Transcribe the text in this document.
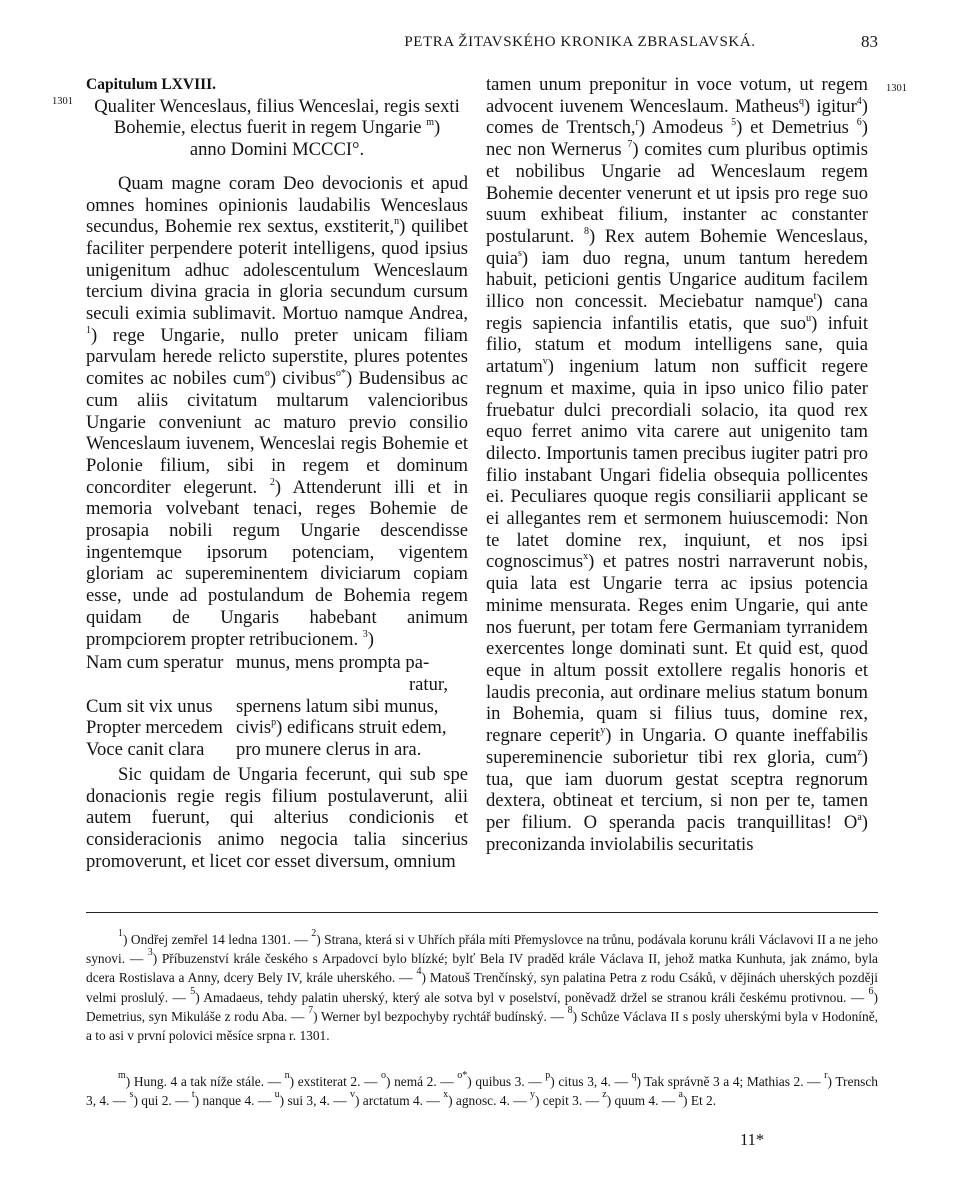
PETRA ŽITAVSKÉHO KRONIKA ZBRASLAVSKÁ.	83
1301
1301

Capitulum LXVIII.

Qualiter Wenceslaus, filius Wenceslai, regis sexti

Bohemie, electus fuerit in regem Ungarie $^m$)

anno Domini MCCCI°.

Quam magne coram Deo devocionis et apud omnes homines opinionis laudabilis Wenceslaus secundus, Bohemie rex sextus, exstiterit,$^n$) quilibet faciliter perpendere poterit intelligens, quod ipsius unigenitum adhuc adolescentulum Wenceslaum tercium divina gracia in gloria secundum cursum seculi eximia sublimavit. Mortuo namque Andrea, $^1$) rege Ungarie, nullo preter unicam filiam parvulam herede relicto superstite, plures potentes comites ac nobiles cum$^o$) civibus$^{o*}$) Budensibus ac cum aliis civitatum multarum valencioribus Ungarie conveniunt ac maturo previo consilio Wenceslaum iuvenem, Wenceslai regis Bohemie et Polonie filium, sibi in regem et dominum concorditer elegerunt. $^2$) Attenderunt illi et in memoria volvebant tenaci, reges Bohemie de prosapia nobili regum Ungarie descendisse ingentemque ipsorum potenciam, vigentem gloriam ac supereminentem diviciarum copiam esse, unde ad postulandum de Bohemia regem quidam de Ungaris habebant animum prompciorem propter retribucionem. $^3$)

Nam cum speratur munus, mens prompta pa-

ratur,

Cum sit vix unus spernens latum sibi munus,

Propter mercedem civis$^p$) edificans struit edem,

Voce canit clara pro munere clerus in ara.

Sic quidam de Ungaria fecerunt, qui sub spe donacionis regie regis filium postulaverunt, alii autem fuerunt, qui alterius condicionis et consideracionis animo negocia talia sincerius promoverunt, et licet cor esset diversum, omnium

tamen unum preponitur in voce votum, ut regem advocent iuvenem Wenceslaum. Matheus$^q$) igitur$^4$) comes de Trentsch,$^r$) Amodeus $^5$) et Demetrius $^6$) nec non Wernerus $^7$) comites cum pluribus optimis et nobilibus Ungarie ad Wenceslaum regem Bohemie decenter venerunt et ut ipsis pro rege suo suum exhibeat filium, instanter ac constanter postularunt. $^8$) Rex autem Bohemie Wenceslaus, quia$^s$) iam duo regna, unum tantum heredem habuit, peticioni gentis Ungarice auditum facilem illico non concessit. Meciebatur namque$^t$) cana regis sapiencia infantilis etatis, que suo$^u$) infuit filio, statum et modum intelligens sane, quia artatum$^v$) ingenium latum non sufficit regere regnum et maxime, quia in ipso unico filio pater fruebatur dulci precordiali solacio, ita quod rex equo ferret animo vita carere aut unigenito tam dilecto. Importunis tamen precibus iugiter patri pro filio instabant Ungari fidelia obsequia pollicentes ei. Peculiares quoque regis consiliarii applicant se ei allegantes rem et sermonem huiuscemodi: Non te latet domine rex, inquiunt, et nos ipsi cognoscimus$^x$) et patres nostri narraverunt nobis, quia lata est Ungarie terra ac ipsius potencia minime mensurata. Reges enim Ungarie, qui ante nos fuerunt, per totam fere Germaniam tyrranidem exercentes longe dominati sunt. Et quid est, quod eque in altum possit extollere regalis honoris et laudis preconia, aut ordinare melius statum bonum in Bohemia, quam si filius tuus, domine rex, regnare ceperit$^y$) in Ungaria. O quante ineffabilis supereminencie suborietur tibi rex gloria, cum$^z$) tua, que iam duorum gestat sceptra regnorum dextera, obtineat et tercium, si non per te, tamen per filium. O speranda pacis tranquillitas! $O^a$) preconizanda inviolabilis securitatis

$^1$) Ondřej zemřel 14 ledna 1301. — $^2$) Strana, která si v Uhřích přála míti Přemyslovce na trůnu, podávala korunu králi Václavovi II a ne jeho synovi. — $^3$) Příbuzenství krále českého s Arpadovci bylo blízké; bylť Bela IV praděd krále Václava II, jehož matka Kunhuta, jak známo, byla dcera Rostislava a Anny, dcery Bely IV, krále uherského. — $^4$) Matouš Trenčínský, syn palatina Petra z rodu Csáků, v dějinách uherských později velmi proslulý. — $^5$) Amadaeus, tehdy palatin uherský, který ale sotva byl v poselství, poněvadž držel se stranou králi českému protivnou. — $^6$) Demetrius, syn Mikuláše z rodu Aba. — $^7$) Werner byl bezpochyby rychtář budínský. — $^8$) Schůze Václava II s posly uherskými byla v Hodoníně, a to asi v první polovici měsíce srpna r. 1301.

$^m$) Hung. 4 a tak níže stále. — $^n$) exstiterat 2. — $^o$) nemá 2. — $^{o*}$) quibus 3. — $^p$) citus 3, 4. — $^q$) Tak správně 3 a 4; Mathias 2. — $^r$) Trensch 3, 4. — $^s$) qui 2. — $^t$) nanque 4. — $^u$) sui 3, 4. — $^v$) arctatum 4. — $^x$) agnosc. 4. — $^y$) cepit 3. — $^z$) quum 4. — $^a$) Et 2.

11*
